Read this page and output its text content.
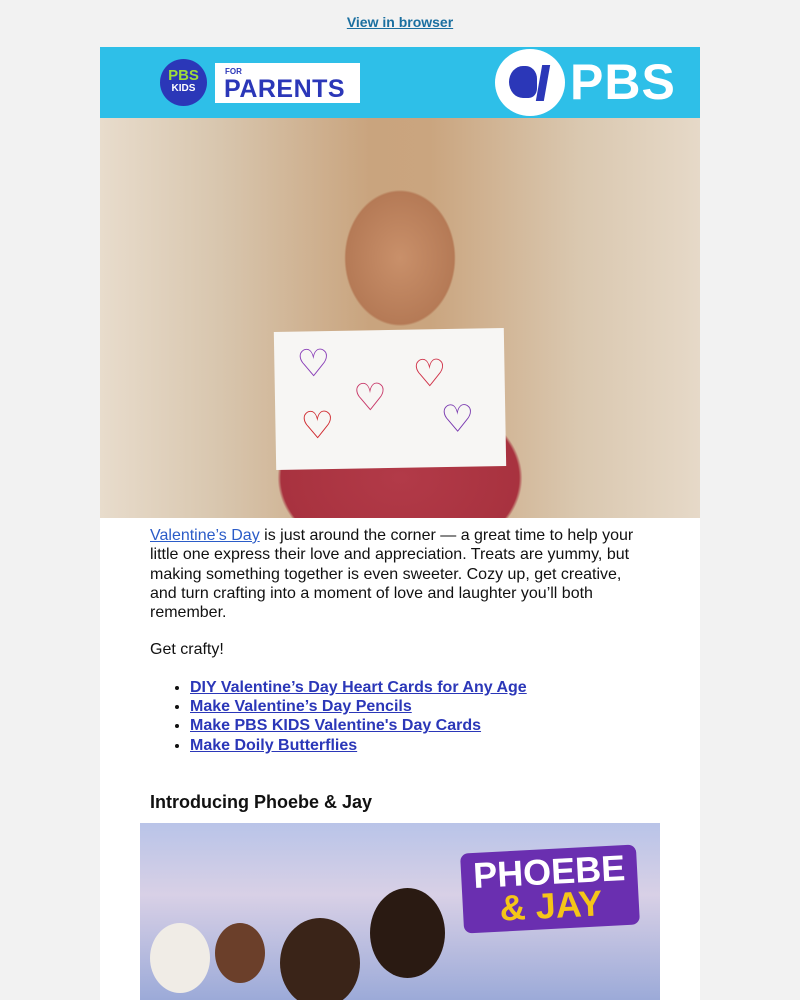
View in browser
PBS
KIDS
FOR
PARENTS	PBS
♡ ♡
♡
♡	♡

Valentine’s Day is just around the corner — a great time to help your little one express their love and appreciation. Treats are yummy, but making something together is even sweeter. Cozy up, get creative, and turn crafting into a moment of love and laughter you’ll both remember.

Get crafty!

• DIY Valentine’s Day Heart Cards for Any Age
• Make Valentine’s Day Pencils
• Make PBS KIDS Valentine's Day Cards
• Make Doily Butterflies
Introducing Phoebe & Jay
PHOEBE
& JAY
